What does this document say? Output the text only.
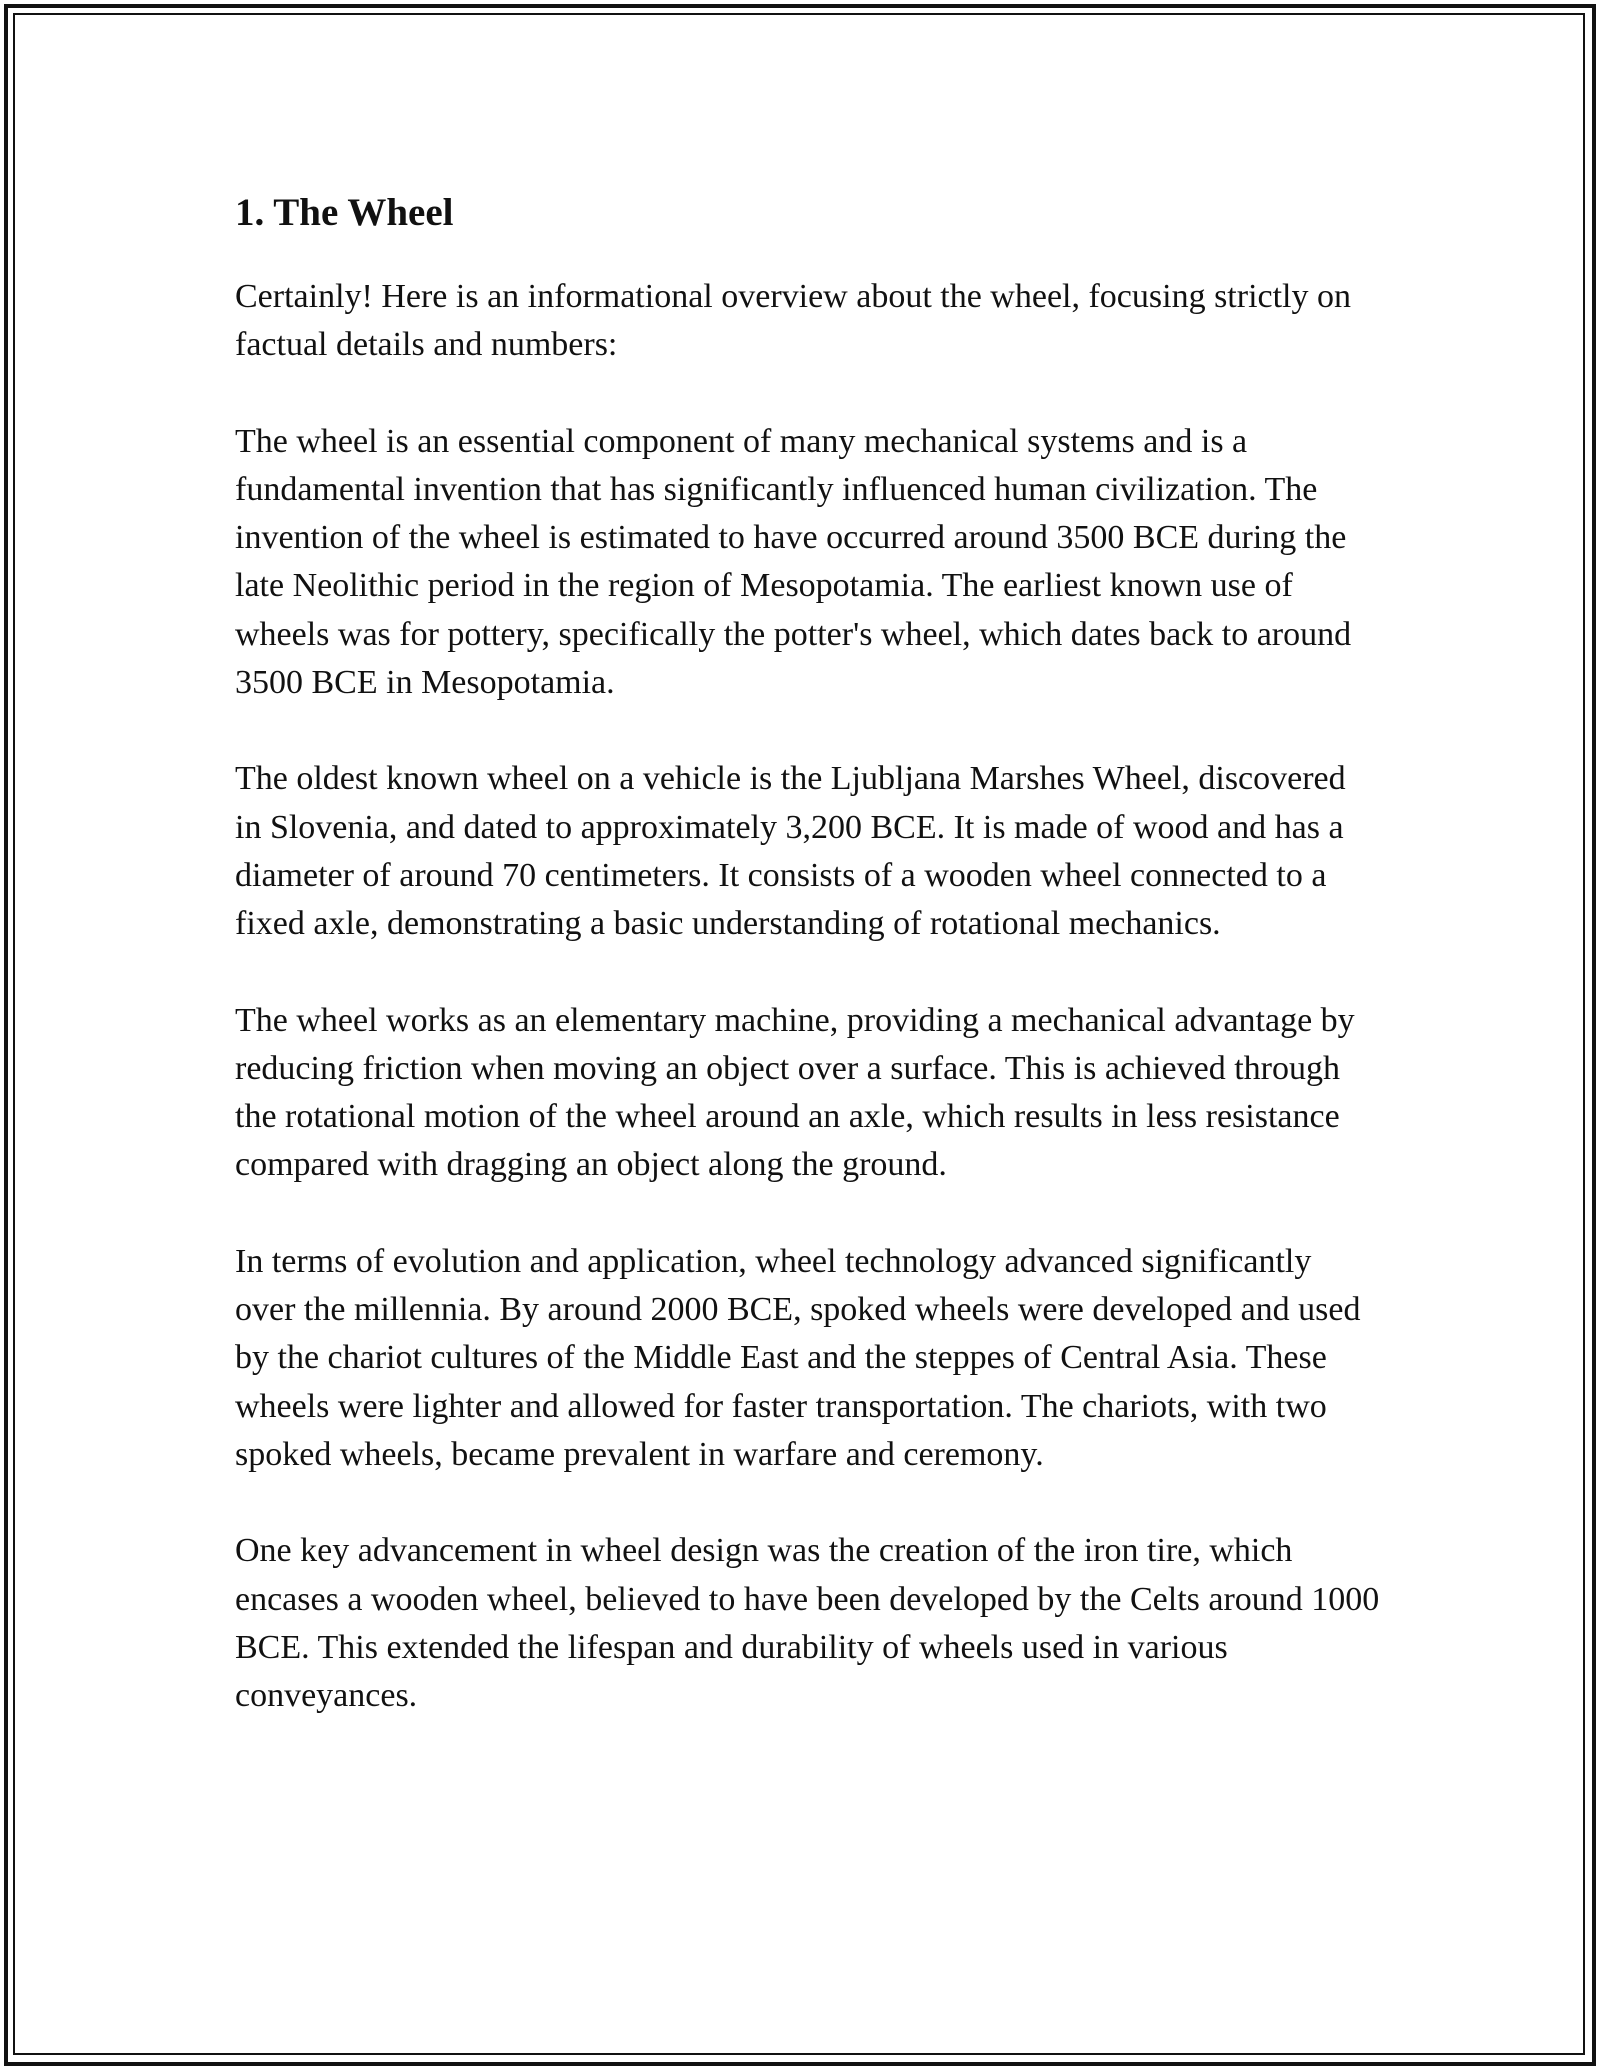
1. The Wheel

Certainly! Here is an informational overview about the wheel, focusing strictly on factual details and numbers:

The wheel is an essential component of many mechanical systems and is a fundamental invention that has significantly influenced human civilization. The invention of the wheel is estimated to have occurred around 3500 BCE during the late Neolithic period in the region of Mesopotamia. The earliest known use of wheels was for pottery, specifically the potter's wheel, which dates back to around 3500 BCE in Mesopotamia.

The oldest known wheel on a vehicle is the Ljubljana Marshes Wheel, discovered in Slovenia, and dated to approximately 3,200 BCE. It is made of wood and has a diameter of around 70 centimeters. It consists of a wooden wheel connected to a fixed axle, demonstrating a basic understanding of rotational mechanics.

The wheel works as an elementary machine, providing a mechanical advantage by reducing friction when moving an object over a surface. This is achieved through the rotational motion of the wheel around an axle, which results in less resistance compared with dragging an object along the ground.

In terms of evolution and application, wheel technology advanced significantly over the millennia. By around 2000 BCE, spoked wheels were developed and used by the chariot cultures of the Middle East and the steppes of Central Asia. These wheels were lighter and allowed for faster transportation. The chariots, with two spoked wheels, became prevalent in warfare and ceremony.

One key advancement in wheel design was the creation of the iron tire, which encases a wooden wheel, believed to have been developed by the Celts around 1000 BCE. This extended the lifespan and durability of wheels used in various conveyances.
